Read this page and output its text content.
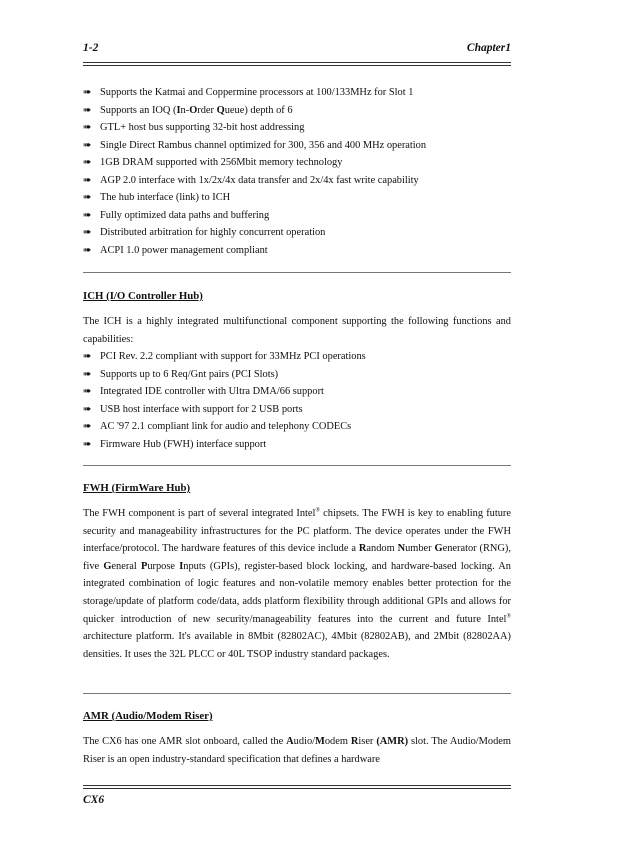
1-2	Chapter1
➠ Supports the Katmai and Coppermine processors at 100/133MHz for Slot 1
➠ Supports an IOQ (In-Order Queue) depth of 6
➠ GTL+ host bus supporting 32-bit host addressing
➠ Single Direct Rambus channel optimized for 300, 356 and 400 MHz operation
➠ 1GB DRAM supported with 256Mbit memory technology
➠ AGP 2.0 interface with 1x/2x/4x data transfer and 2x/4x fast write capability
➠ The hub interface (link) to ICH
➠ Fully optimized data paths and buffering
➠ Distributed arbitration for highly concurrent operation
➠ ACPI 1.0 power management compliant
ICH (I/O Controller Hub)
The ICH is a highly integrated multifunctional component supporting the following functions and capabilities:
➠ PCI Rev. 2.2 compliant with support for 33MHz PCI operations
➠ Supports up to 6 Req/Gnt pairs (PCI Slots)
➠ Integrated IDE controller with Ultra DMA/66 support
➠ USB host interface with support for 2 USB ports
➠ AC '97 2.1 compliant link for audio and telephony CODECs
➠ Firmware Hub (FWH) interface support
FWH (FirmWare Hub)
The FWH component is part of several integrated Intel® chipsets. The FWH is key to enabling future security and manageability infrastructures for the PC platform. The device operates under the FWH interface/protocol. The hardware features of this device include a Random Number Generator (RNG), five General Purpose Inputs (GPIs), register-based block locking, and hardware-based locking. An integrated combination of logic features and non-volatile memory enables better protection for the storage/update of platform code/data, adds platform flexibility through additional GPIs and allows for quicker introduction of new security/manageability features into the current and future Intel® architecture platform. It's available in 8Mbit (82802AC), 4Mbit (82802AB), and 2Mbit (82802AA) densities. It uses the 32L PLCC or 40L TSOP industry standard packages.
AMR (Audio/Modem Riser)
The CX6 has one AMR slot onboard, called the Audio/Modem Riser (AMR) slot. The Audio/Modem Riser is an open industry-standard specification that defines a hardware
CX6
